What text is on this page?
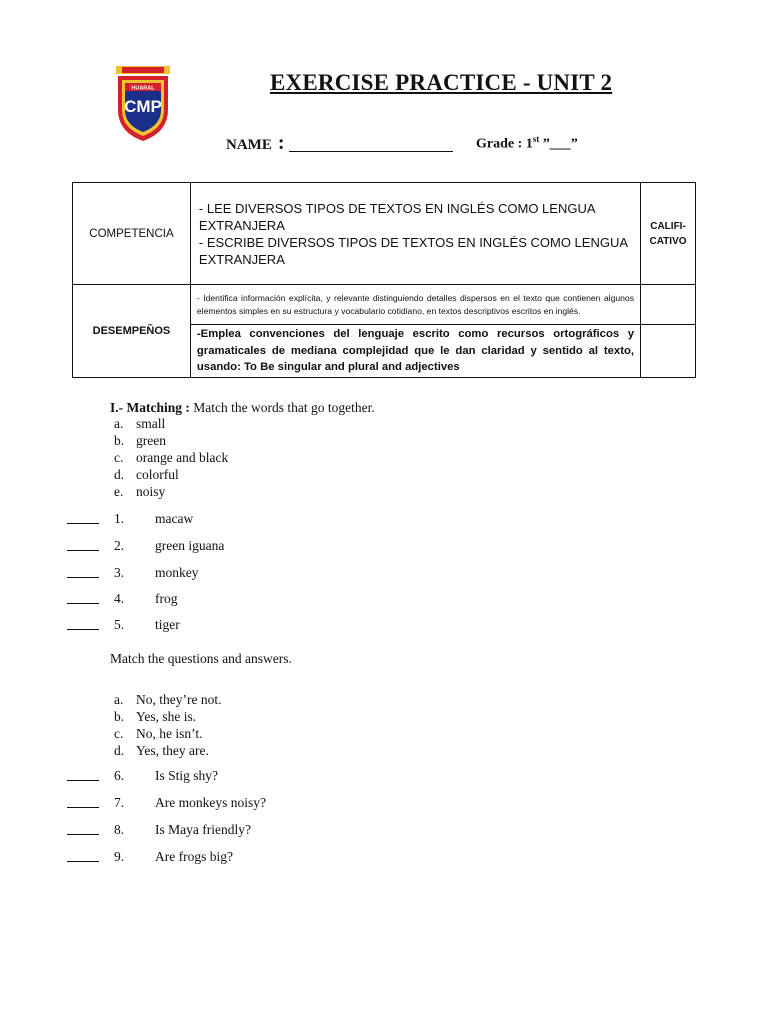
HUARAL
CMP
EXERCISE PRACTICE - UNIT 2
NAME :	Grade : 1st ”___”
COMPETENCIA	- LEE DIVERSOS TIPOS DE TEXTOS EN INGLÉS COMO LENGUA EXTRANJERA
- ESCRIBE DIVERSOS TIPOS DE TEXTOS EN INGLÉS COMO LENGUA EXTRANJERA	CALIFI-CATIVO
DESEMPEÑOS	- Identifica información explícita, y relevante distinguiendo detalles dispersos en el texto que contienen algunos elementos simples en su estructura y vocabulario cotidiano, en textos descriptivos escritos en inglés.	
	-Emplea convenciones del lenguaje escrito como recursos ortográficos y gramaticales de mediana complejidad que le dan claridad y sentido al texto, usando: To Be singular and plural and adjectives	
I.- Matching : Match the words that go together.
a. small
b. green
c. orange and black
d. colorful
e. noisy
1. macaw
2. green iguana
3. monkey
4. frog
5. tiger
Match the questions and answers.
a. No, they’re not.
b. Yes, she is.
c. No, he isn’t.
d. Yes, they are.
6. Is Stig shy?
7. Are monkeys noisy?
8. Is Maya friendly?
9. Are frogs big?
